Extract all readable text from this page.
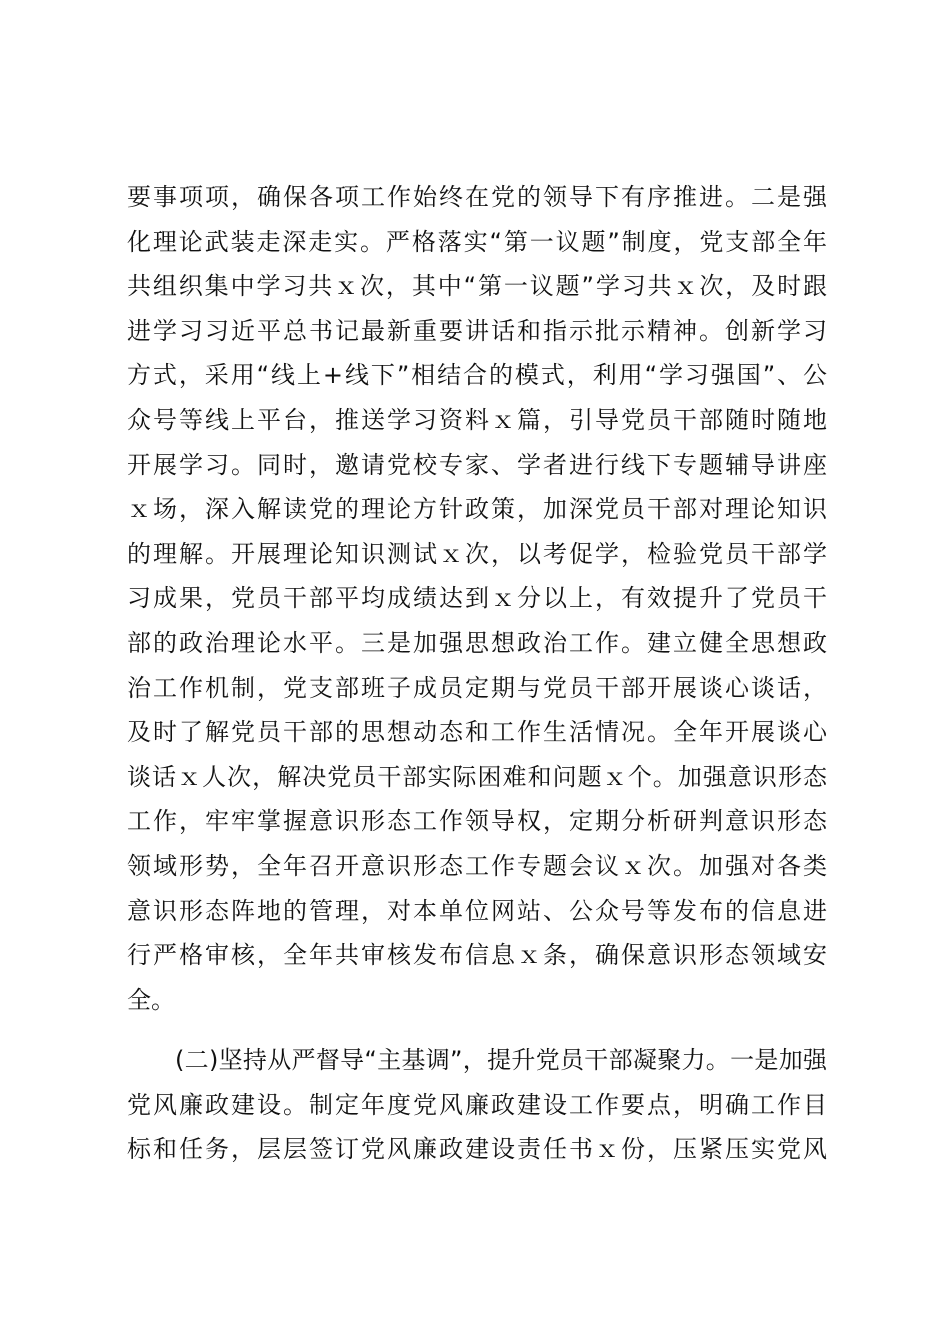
要事项项，确保各项工作始终在党的领导下有序推进。二是强
化理论武装走深走实。严格落实“第一议题”制度，党支部全年
共组织集中学习共ｘ次，其中“第一议题”学习共ｘ次，及时跟
进学习习近平总书记最新重要讲话和指示批示精神。创新学习
方式，采用“线上+线下”相结合的模式，利用“学习强国”、公
众号等线上平台，推送学习资料ｘ篇，引导党员干部随时随地
开展学习。同时，邀请党校专家、学者进行线下专题辅导讲座
ｘ场，深入解读党的理论方针政策，加深党员干部对理论知识
的理解。开展理论知识测试ｘ次，以考促学，检验党员干部学
习成果，党员干部平均成绩达到ｘ分以上，有效提升了党员干
部的政治理论水平。三是加强思想政治工作。建立健全思想政
治工作机制，党支部班子成员定期与党员干部开展谈心谈话，
及时了解党员干部的思想动态和工作生活情况。全年开展谈心
谈话ｘ人次，解决党员干部实际困难和问题ｘ个。加强意识形态
工作，牢牢掌握意识形态工作领导权，定期分析研判意识形态
领域形势，全年召开意识形态工作专题会议ｘ次。加强对各类
意识形态阵地的管理，对本单位网站、公众号等发布的信息进
行严格审核，全年共审核发布信息ｘ条，确保意识形态领域安
全。
(二)坚持从严督导“主基调”，提升党员干部凝聚力。一是加强
党风廉政建设。制定年度党风廉政建设工作要点，明确工作目
标和任务，层层签订党风廉政建设责任书ｘ份，压紧压实党风
